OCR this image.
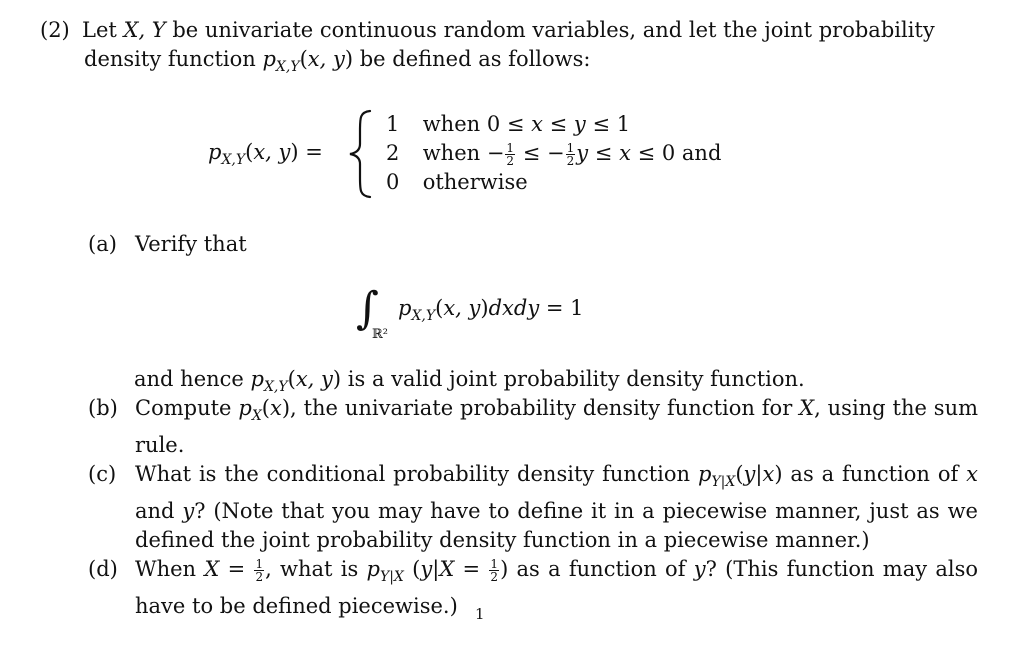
(2) Let X, Y be univariate continuous random variables, and let the joint probability
density function $p_{X,Y}(x$, y) be defined as follows:
$p_{X,Y}(x$, y) =
1 when 0 ≤ x ≤ y ≤ 1
2 when − $\frac{1}{2}$ ≤ − $\frac{1}{2}$ y ≤ x ≤ 0 and
0 otherwise
(a) Verify that
∫
ℝ²
$p_{X,Y}(x$, y)dxdy = 1
and hence $p_{X,Y}(x$, y) is a valid joint probability density function.
(b) Compute $p_X(x)$, the univariate probability density function for X, using the sum rule.
(c) What is the conditional probability density function $p_{Y|X}(y|x)$ as a function of x and y? (Note that you may have to define it in a piecewise manner, just as we defined the joint probability density function in a piecewise manner.)
(d) When $X = \frac{1}{2}$ , what is $p_{Y|X}$ ($y|X = \frac{1}{2}$ ) as a function of y? (This function may also have to be defined piecewise.)	1
